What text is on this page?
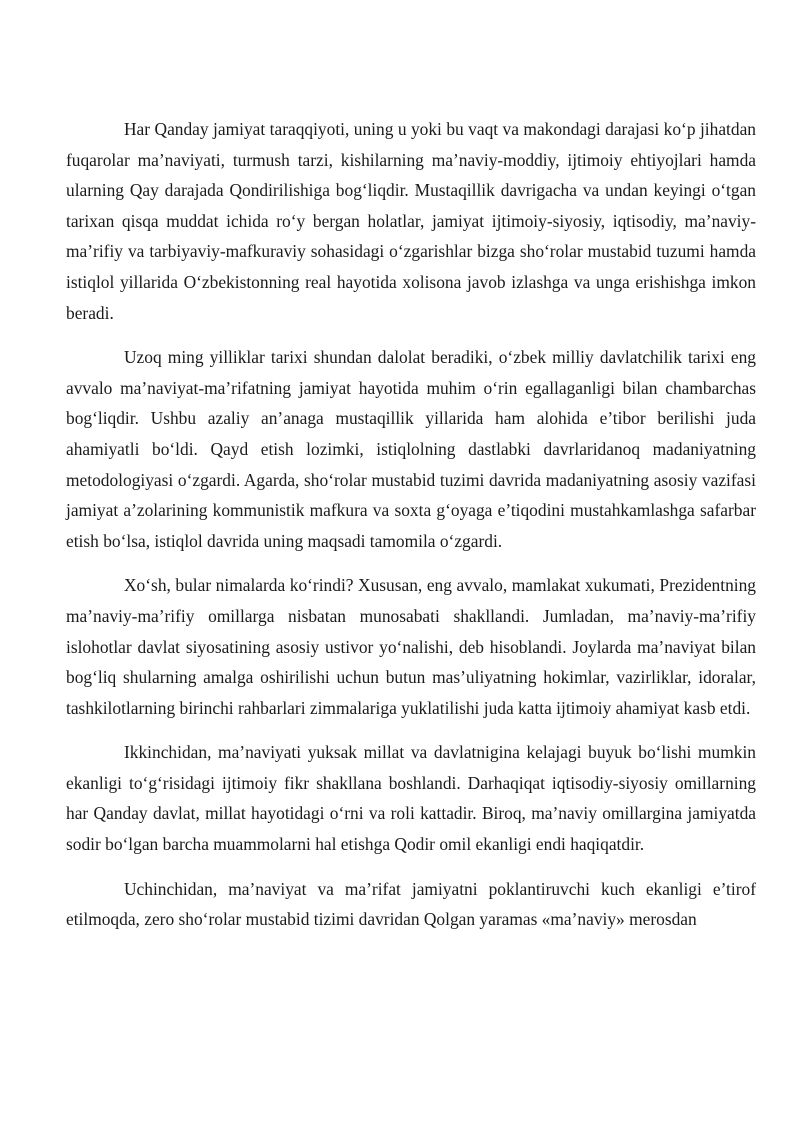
Har Qanday jamiyat taraqqiyoti, uning u yoki bu vaqt va makondagi darajasi ko‘p jihatdan fuqarolar ma’naviyati, turmush tarzi, kishilarning ma’naviy-moddiy, ijtimoiy ehtiyojlari hamda ularning Qay darajada Qondirilishiga bog‘liqdir. Mustaqillik davrigacha va undan keyingi o‘tgan tarixan qisqa muddat ichida ro‘y bergan holatlar, jamiyat ijtimoiy-siyosiy, iqtisodiy, ma’naviy-ma’rifiy va tarbiyaviy-mafkuraviy sohasidagi o‘zgarishlar bizga sho‘rolar mustabid tuzumi hamda istiqlol yillarida O‘zbekistonning real hayotida xolisona javob izlashga va unga erishishga imkon beradi.

Uzoq ming yilliklar tarixi shundan dalolat beradiki, o‘zbek milliy davlatchilik tarixi eng avvalo ma’naviyat-ma’rifatning jamiyat hayotida muhim o‘rin egallaganligi bilan chambarchas bog‘liqdir. Ushbu azaliy an’anaga mustaqillik yillarida ham alohida e’tibor berilishi juda ahamiyatli bo‘ldi. Qayd etish lozimki, istiqlolning dastlabki davrlaridanoq madaniyatning metodologiyasi o‘zgardi. Agarda, sho‘rolar mustabid tuzimi davrida madaniyatning asosiy vazifasi jamiyat a’zolarining kommunistik mafkura va soxta g‘oyaga e’tiqodini mustahkamlashga safarbar etish bo‘lsa, istiqlol davrida uning maqsadi tamomila o‘zgardi.

Xo‘sh, bular nimalarda ko‘rindi? Xususan, eng avvalo, mamlakat xukumati, Prezidentning ma’naviy-ma’rifiy omillarga nisbatan munosabati shakllandi. Jumladan, ma’naviy-ma’rifiy islohotlar davlat siyosatining asosiy ustivor yo‘nalishi, deb hisoblandi. Joylarda ma’naviyat bilan bog‘liq shularning amalga oshirilishi uchun butun mas’uliyatning hokimlar, vazirliklar, idoralar, tashkilotlarning birinchi rahbarlari zimmalariga yuklatilishi juda katta ijtimoiy ahamiyat kasb etdi.

Ikkinchidan, ma’naviyati yuksak millat va davlatnigina kelajagi buyuk bo‘lishi mumkin ekanligi to‘g‘risidagi ijtimoiy fikr shakllana boshlandi. Darhaqiqat iqtisodiy-siyosiy omillarning har Qanday davlat, millat hayotidagi o‘rni va roli kattadir. Biroq, ma’naviy omillargina jamiyatda sodir bo‘lgan barcha muammolarni hal etishga Qodir omil ekanligi endi haqiqatdir.

Uchinchidan, ma’naviyat va ma’rifat jamiyatni poklantiruvchi kuch ekanligi e’tirof etilmoqda, zero sho‘rolar mustabid tizimi davridan Qolgan yaramas «ma’naviy» merosdan
